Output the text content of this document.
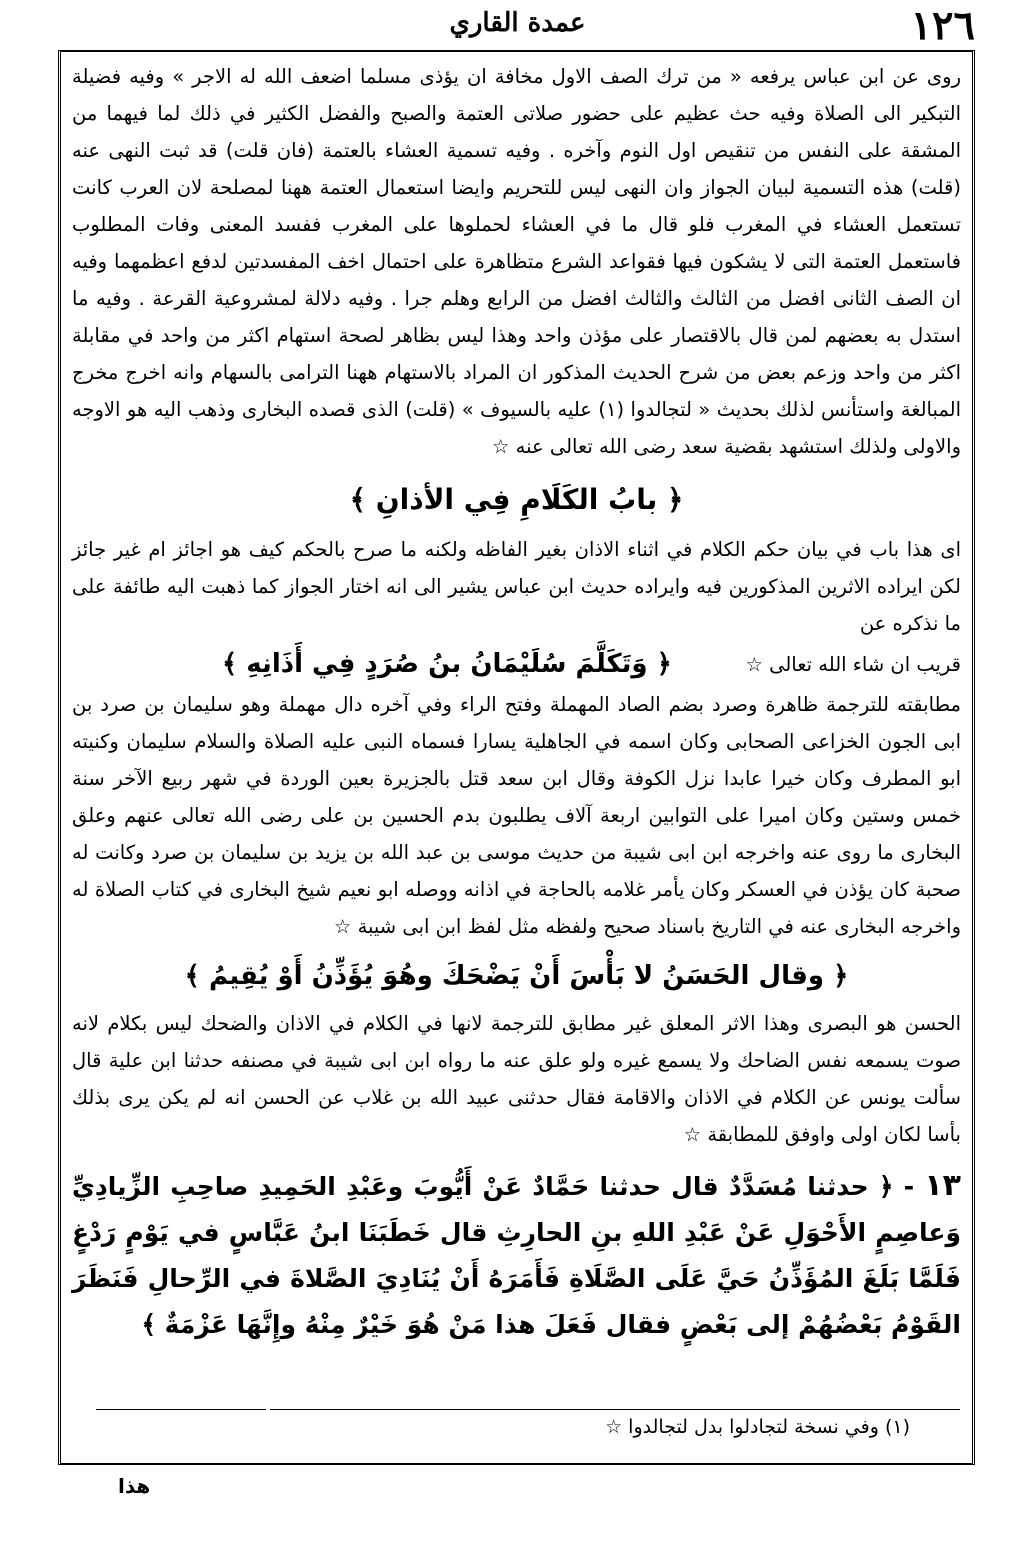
١٢٦
عمدة القاري

روى عن ابن عباس يرفعه « من ترك الصف الاول مخافة ان يؤذى مسلما اضعف الله له الاجر » وفيه فضيلة التبكير الى الصلاة وفيه حث عظيم على حضور صلاتى العتمة والصبح والفضل الكثير في ذلك لما فيهما من المشقة على النفس من تنقيص اول النوم وآخره . وفيه تسمية العشاء بالعتمة (فان قلت) قد ثبت النهى عنه (قلت) هذه التسمية لبيان الجواز وان النهى ليس للتحريم وايضا استعمال العتمة ههنا لمصلحة لان العرب كانت تستعمل العشاء في المغرب فلو قال ما في العشاء لحملوها على المغرب ففسد المعنى وفات المطلوب فاستعمل العتمة التى لا يشكون فيها فقواعد الشرع متظاهرة على احتمال اخف المفسدتين لدفع اعظمهما وفيه ان الصف الثانى افضل من الثالث والثالث افضل من الرابع وهلم جرا . وفيه دلالة لمشروعية القرعة . وفيه ما استدل به بعضهم لمن قال بالاقتصار على مؤذن واحد وهذا ليس بظاهر لصحة استهام اكثر من واحد في مقابلة اكثر من واحد وزعم بعض من شرح الحديث المذكور ان المراد بالاستهام ههنا الترامى بالسهام وانه اخرج مخرج المبالغة واستأنس لذلك بحديث « لتجالدوا (١) عليه بالسيوف » (قلت) الذى قصده البخارى وذهب اليه هو الاوجه والاولى ولذلك استشهد بقضية سعد رضى الله تعالى عنه ☆

﴿ بابُ الكَلَامِ فِي الأذانِ ﴾

اى هذا باب في بيان حكم الكلام في اثناء الاذان بغير الفاظه ولكنه ما صرح بالحكم كيف هو اجائز ام غير جائز لكن ايراده الاثرين المذكورين فيه وايراده حديث ابن عباس يشير الى انه اختار الجواز كما ذهبت اليه طائفة على ما نذكره عن

قريب ان شاء الله تعالى ☆
﴿ وَتَكَلَّمَ سُلَيْمَانُ بنُ صُرَدٍ فِي أَذَانِهِ ﴾

مطابقته للترجمة ظاهرة وصرد بضم الصاد المهملة وفتح الراء وفي آخره دال مهملة وهو سليمان بن صرد بن ابى الجون الخزاعى الصحابى وكان اسمه في الجاهلية يسارا فسماه النبى عليه الصلاة والسلام سليمان وكنيته ابو المطرف وكان خيرا عابدا نزل الكوفة وقال ابن سعد قتل بالجزيرة بعين الوردة في شهر ربيع الآخر سنة خمس وستين وكان اميرا على التوابين اربعة آلاف يطلبون بدم الحسين بن على رضى الله تعالى عنهم وعلق البخارى ما روى عنه واخرجه ابن ابى شيبة من حديث موسى بن عبد الله بن يزيد بن سليمان بن صرد وكانت له صحبة كان يؤذن في العسكر وكان يأمر غلامه بالحاجة في اذانه ووصله ابو نعيم شيخ البخارى في كتاب الصلاة له واخرجه البخارى عنه في التاريخ باسناد صحيح ولفظه مثل لفظ ابن ابى شيبة ☆

﴿ وقال الحَسَنُ لا بَأْسَ أَنْ يَضْحَكَ وهُوَ يُؤَذِّنُ أَوْ يُقِيمُ ﴾

الحسن هو البصرى وهذا الاثر المعلق غير مطابق للترجمة لانها في الكلام في الاذان والضحك ليس بكلام لانه صوت يسمعه نفس الضاحك ولا يسمع غيره ولو علق عنه ما رواه ابن ابى شيبة في مصنفه حدثنا ابن علية قال سألت يونس عن الكلام في الاذان والاقامة فقال حدثنى عبيد الله بن غلاب عن الحسن انه لم يكن يرى بذلك بأسا لكان اولى واوفق للمطابقة ☆

١٣ - ﴿ حدثنا مُسَدَّدٌ قال حدثنا حَمَّادٌ عَنْ أَيُّوبَ وعَبْدِ الحَمِيدِ صاحِبِ الزِّيادِيِّ وَعاصِمٍ الأَحْوَلِ عَنْ عَبْدِ اللهِ بنِ الحارِثِ قال خَطَبَنَا ابنُ عَبَّاسٍ في يَوْمٍ رَدْغٍ فَلَمَّا بَلَغَ المُؤَذِّنُ حَيَّ عَلَى الصَّلَاةِ فَأَمَرَهُ أَنْ يُنَادِيَ الصَّلاةَ في الرِّحالِ فَنَظَرَ القَوْمُ بَعْضُهُمْ إلى بَعْضٍ فقال فَعَلَ هذا مَنْ هُوَ خَيْرٌ مِنْهُ وإِنَّهَا عَزْمَةٌ ﴾

(١) وفي نسخة لتجادلوا بدل لتجالدوا ☆
هذا
